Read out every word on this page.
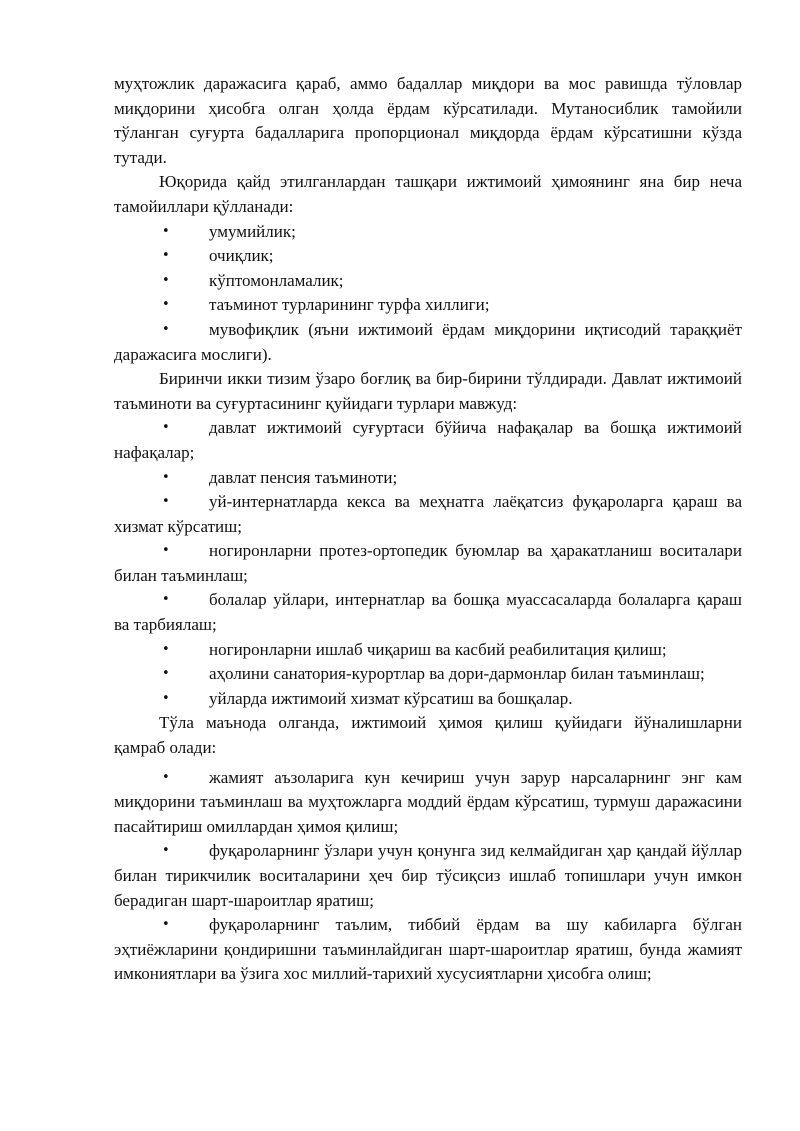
муҳтожлик даражасига қараб, аммо бадаллар миқдори ва мос равишда тўловлар миқдорини ҳисобга олган ҳолда ёрдам кўрсатилади. Мутаносиблик тамойили тўланган суғурта бадалларига пропорционал миқдорда ёрдам кўрсатишни кўзда тутади.

Юқорида қайд этилганлардан ташқари ижтимоий ҳимоянинг яна бир неча тамойиллари қўлланади:

• умумийлик;

• очиқлик;

• кўптомонламалик;

• таъминот турларининг турфа хиллиги;

• мувофиқлик (яъни ижтимоий ёрдам миқдорини иқтисодий тараққиёт даражасига мослиги).

Биринчи икки тизим ўзаро боғлиқ ва бир-бирини тўлдиради. Давлат ижтимоий таъминоти ва суғуртасининг қуйидаги турлари мавжуд:

• давлат ижтимоий суғуртаси бўйича нафақалар ва бошқа ижтимоий нафақалар;

• давлат пенсия таъминоти;

• уй-интернатларда кекса ва меҳнатга лаёқатсиз фуқароларга қараш ва хизмат кўрсатиш;

• ногиронларни протез-ортопедик буюмлар ва ҳаракатланиш воситалари билан таъминлаш;

• болалар уйлари, интернатлар ва бошқа муассасаларда болаларга қараш ва тарбиялаш;

• ногиронларни ишлаб чиқариш ва касбий реабилитация қилиш;

• аҳолини санатория-курортлар ва дори-дармонлар билан таъминлаш;

• уйларда ижтимоий хизмат кўрсатиш ва бошқалар.

Тўла маънода олганда, ижтимоий ҳимоя қилиш қуйидаги йўналишларни қамраб олади:

• жамият аъзоларига кун кечириш учун зарур нарсаларнинг энг кам миқдорини таъминлаш ва муҳтожларга моддий ёрдам кўрсатиш, турмуш даражасини пасайтириш омиллардан ҳимоя қилиш;

• фуқароларнинг ўзлари учун қонунга зид келмайдиган ҳар қандай йўллар билан тирикчилик воситаларини ҳеч бир тўсиқсиз ишлаб топишлари учун имкон берадиган шарт-шароитлар яратиш;

• фуқароларнинг таълим, тиббий ёрдам ва шу кабиларга бўлган эҳтиёжларини қондиришни таъминлайдиган шарт-шароитлар яратиш, бунда жамият имкониятлари ва ўзига хос миллий-тарихий хусусиятларни ҳисобга олиш;
